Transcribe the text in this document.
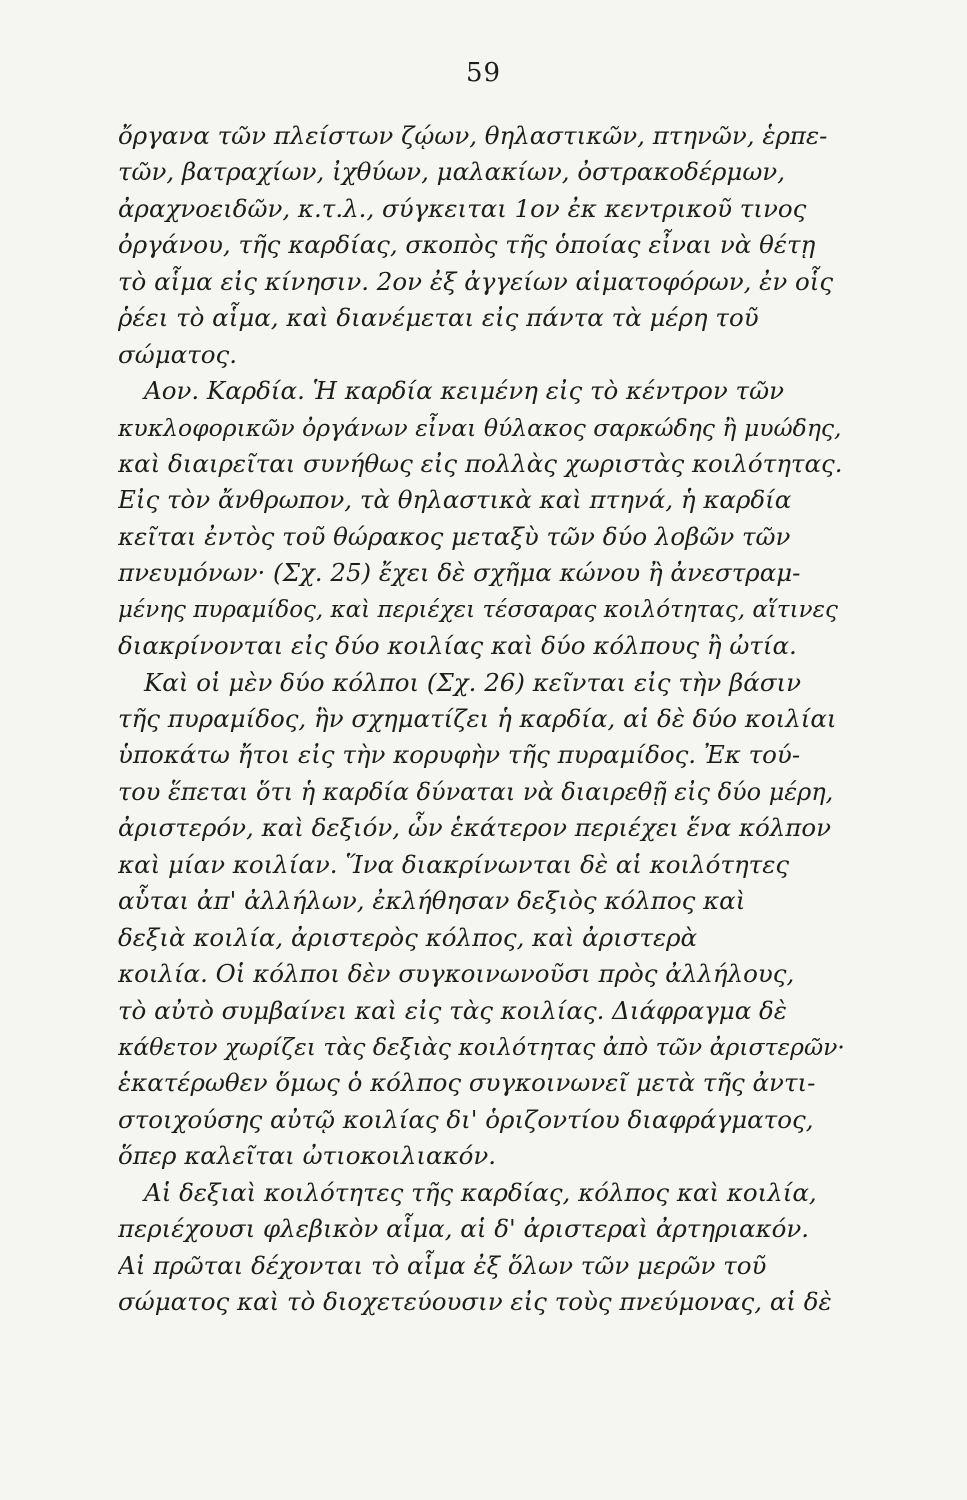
59
ὄργανα τῶν πλείστων ζῴων, θηλαστικῶν, πτηνῶν, ἑρπε-
τῶν, βατραχίων, ἰχθύων, μαλακίων, ὀστρακοδέρμων,
ἀραχνοειδῶν, κ.τ.λ., σύγκειται 1ον ἐκ κεντρικοῦ τινος
ὀργάνου, τῆς καρδίας, σκοπὸς τῆς ὁποίας εἶναι νὰ θέτῃ
τὸ αἷμα εἰς κίνησιν. 2ον ἐξ ἀγγείων αἱματοφόρων, ἐν οἷς
ῥέει τὸ αἷμα, καὶ διανέμεται εἰς πάντα τὰ μέρη τοῦ
σώματος.
Αον. Καρδία. Ἡ καρδία κειμένη εἰς τὸ κέντρον τῶν
κυκλοφορικῶν ὀργάνων εἶναι θύλακος σαρκώδης ἢ μυώδης,
καὶ διαιρεῖται συνήθως εἰς πολλὰς χωριστὰς κοιλότητας.
Εἰς τὸν ἄνθρωπον, τὰ θηλαστικὰ καὶ πτηνά, ἡ καρδία
κεῖται ἐντὸς τοῦ θώρακος μεταξὺ τῶν δύο λοβῶν τῶν
πνευμόνων· (Σχ. 25) ἔχει δὲ σχῆμα κώνου ἢ ἀνεστραμ-
μένης πυραμίδος, καὶ περιέχει τέσσαρας κοιλότητας, αἵτινες
διακρίνονται εἰς δύο κοιλίας καὶ δύο κόλπους ἢ ὠτία.
Καὶ οἱ μὲν δύο κόλποι (Σχ. 26) κεῖνται εἰς τὴν βάσιν
τῆς πυραμίδος, ἣν σχηματίζει ἡ καρδία, αἱ δὲ δύο κοιλίαι
ὑποκάτω ἤτοι εἰς τὴν κορυφὴν τῆς πυραμίδος. Ἐκ τού-
του ἕπεται ὅτι ἡ καρδία δύναται νὰ διαιρεθῇ εἰς δύο μέρη,
ἀριστερόν, καὶ δεξιόν, ὧν ἑκάτερον περιέχει ἕνα κόλπον
καὶ μίαν κοιλίαν. Ἵνα διακρίνωνται δὲ αἱ κοιλότητες
αὗται ἀπ' ἀλλήλων, ἐκλήθησαν δεξιὸς κόλπος καὶ
δεξιὰ κοιλία, ἀριστερὸς κόλπος, καὶ ἀριστερὰ
κοιλία. Οἱ κόλποι δὲν συγκοινωνοῦσι πρὸς ἀλλήλους,
τὸ αὐτὸ συμβαίνει καὶ εἰς τὰς κοιλίας. Διάφραγμα δὲ
κάθετον χωρίζει τὰς δεξιὰς κοιλότητας ἀπὸ τῶν ἀριστερῶν·
ἑκατέρωθεν ὅμως ὁ κόλπος συγκοινωνεῖ μετὰ τῆς ἀντι-
στοιχούσης αὐτῷ κοιλίας δι' ὁριζοντίου διαφράγματος,
ὅπερ καλεῖται ὠτιοκοιλιακόν.
Αἱ δεξιαὶ κοιλότητες τῆς καρδίας, κόλπος καὶ κοιλία,
περιέχουσι φλεβικὸν αἷμα, αἱ δ' ἀριστεραὶ ἀρτηριακόν.
Αἱ πρῶται δέχονται τὸ αἷμα ἐξ ὅλων τῶν μερῶν τοῦ
σώματος καὶ τὸ διοχετεύουσιν εἰς τοὺς πνεύμονας, αἱ δὲ
